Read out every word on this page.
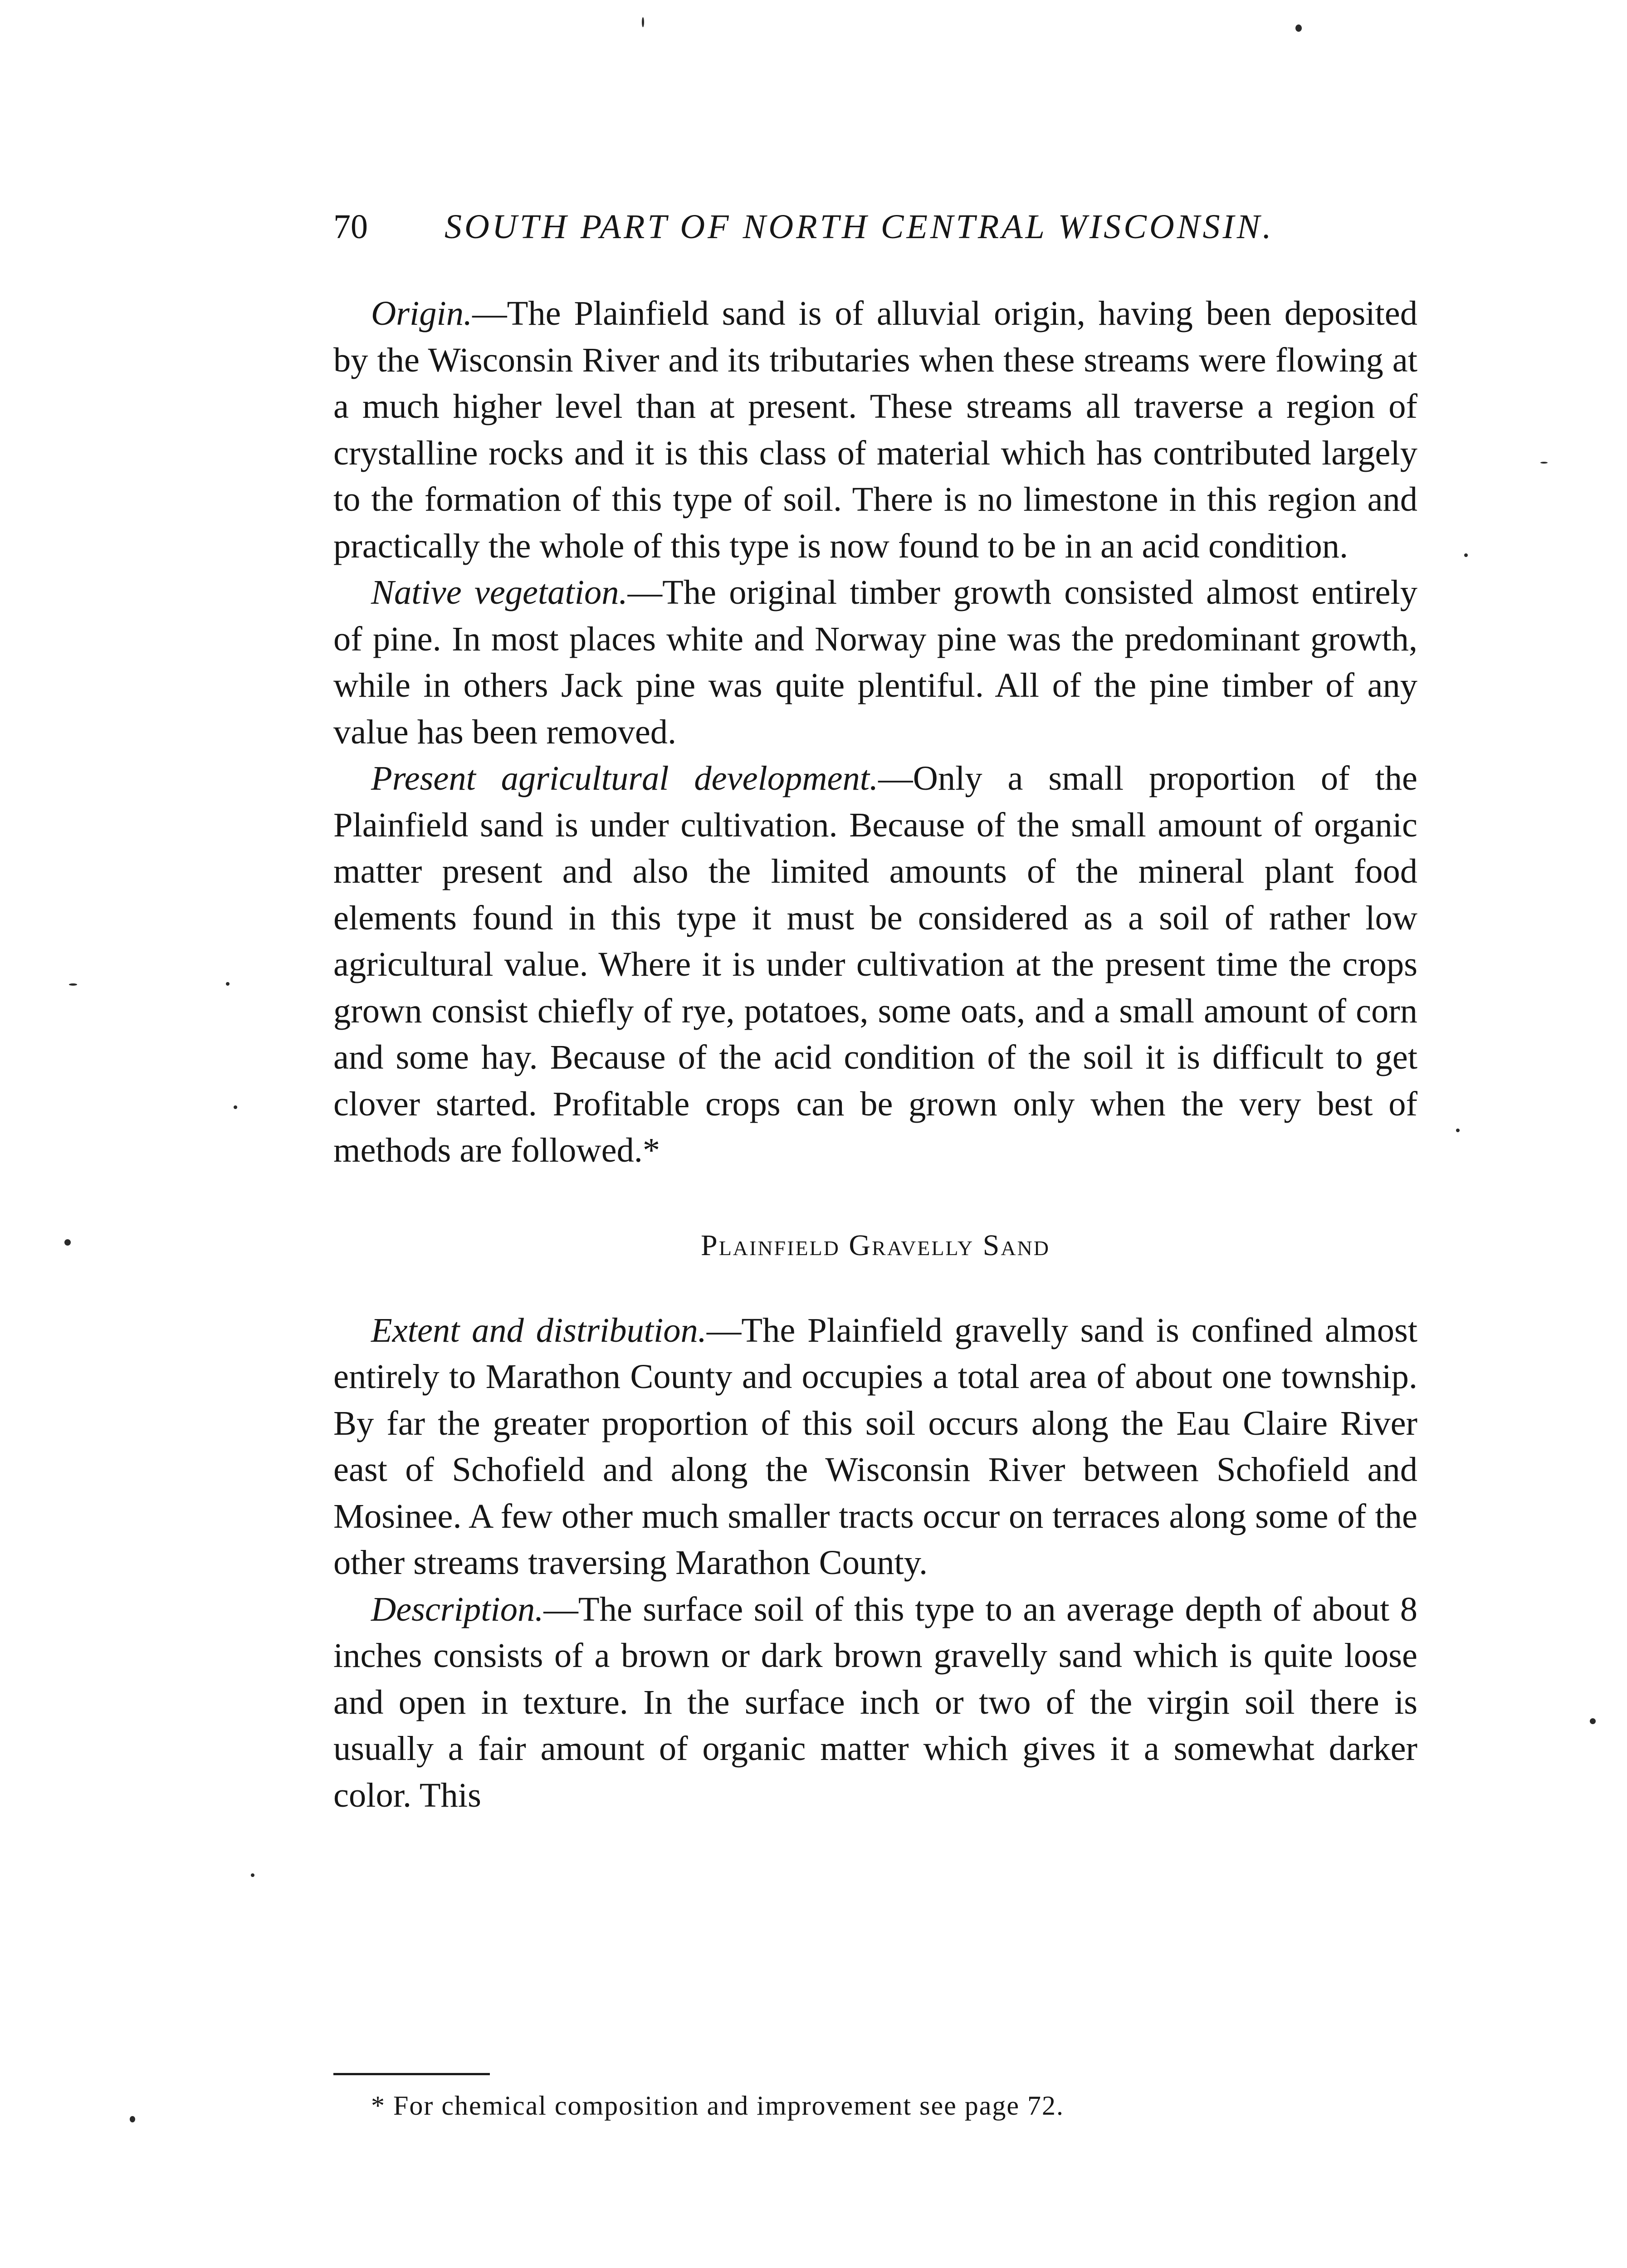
70 SOUTH PART OF NORTH CENTRAL WISCONSIN.

Origin.—The Plainfield sand is of alluvial origin, having been deposited by the Wisconsin River and its tributaries when these streams were flowing at a much higher level than at present. These streams all traverse a region of crystalline rocks and it is this class of material which has contributed largely to the formation of this type of soil. There is no limestone in this region and practically the whole of this type is now found to be in an acid condition.

Native vegetation.—The original timber growth consisted almost entirely of pine. In most places white and Norway pine was the predominant growth, while in others Jack pine was quite plentiful. All of the pine timber of any value has been removed.

Present agricultural development.—Only a small proportion of the Plainfield sand is under cultivation. Because of the small amount of organic matter present and also the limited amounts of the mineral plant food elements found in this type it must be considered as a soil of rather low agricultural value. Where it is under cultivation at the present time the crops grown consist chiefly of rye, potatoes, some oats, and a small amount of corn and some hay. Because of the acid condition of the soil it is difficult to get clover started. Profitable crops can be grown only when the very best of methods are followed.*

Plainfield Gravelly Sand

Extent and distribution.—The Plainfield gravelly sand is confined almost entirely to Marathon County and occupies a total area of about one township. By far the greater proportion of this soil occurs along the Eau Claire River east of Schofield and along the Wisconsin River between Schofield and Mosinee. A few other much smaller tracts occur on terraces along some of the other streams traversing Marathon County.

Description.—The surface soil of this type to an average depth of about 8 inches consists of a brown or dark brown gravelly sand which is quite loose and open in texture. In the surface inch or two of the virgin soil there is usually a fair amount of organic matter which gives it a somewhat darker color. This

* For chemical composition and improvement see page 72.
